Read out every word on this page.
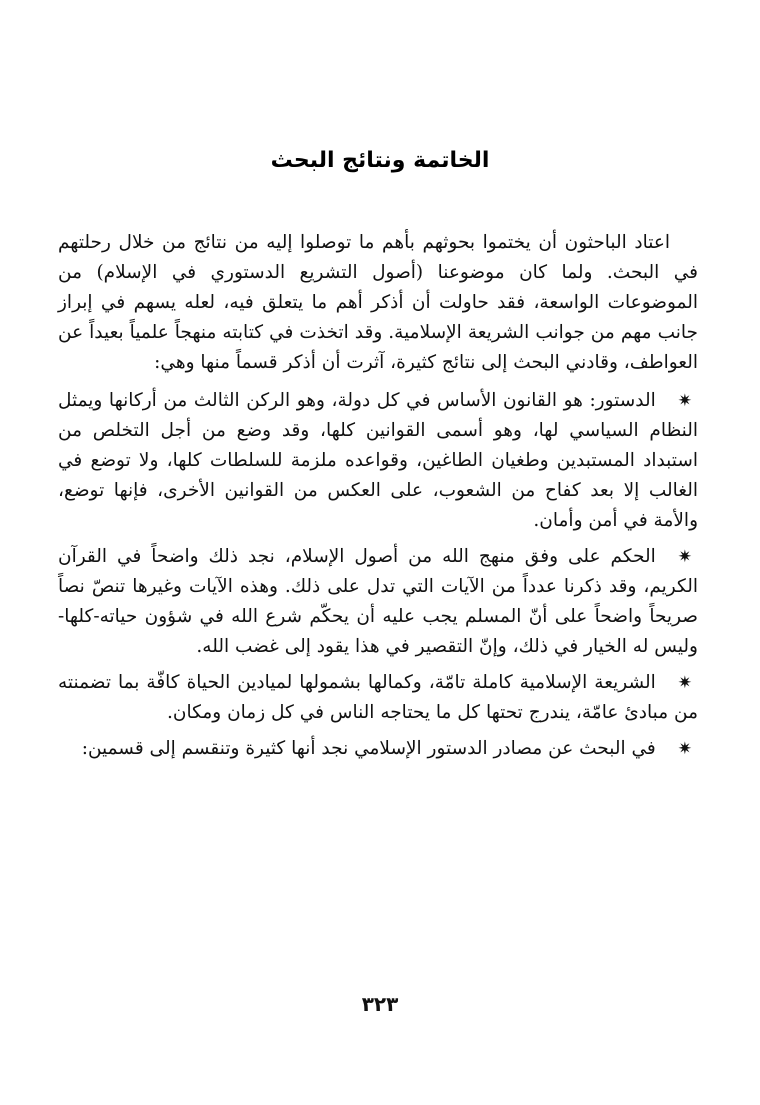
الخاتمة ونتائج البحث

اعتاد الباحثون أن يختموا بحوثهم بأهم ما توصلوا إليه من نتائج من خلال رحلتهم في البحث. ولما كان موضوعنا (أصول التشريع الدستوري في الإسلام) من الموضوعات الواسعة، فقد حاولت أن أذكر أهم ما يتعلق فيه، لعله يسهم في إبراز جانب مهم من جوانب الشريعة الإسلامية. وقد اتخذت في كتابته منهجاً علمياً بعيداً عن العواطف، وقادني البحث إلى نتائج كثيرة، آثرت أن أذكر قسماً منها وهي:

✷الدستور: هو القانون الأساس في كل دولة، وهو الركن الثالث من أركانها ويمثل النظام السياسي لها، وهو أسمى القوانين كلها، وقد وضع من أجل التخلص من استبداد المستبدين وطغيان الطاغين، وقواعده ملزمة للسلطات كلها، ولا توضع في الغالب إلا بعد كفاح من الشعوب، على العكس من القوانين الأخرى، فإنها توضع، والأمة في أمن وأمان.

✷الحكم على وفق منهج الله من أصول الإسلام، نجد ذلك واضحاً في القرآن الكريم، وقد ذكرنا عدداً من الآيات التي تدل على ذلك. وهذه الآيات وغيرها تنصّ نصاً صريحاً واضحاً على أنّ المسلم يجب عليه أن يحكّم شرع الله في شؤون حياته-كلها- وليس له الخيار في ذلك، وإنّ التقصير في هذا يقود إلى غضب الله.

✷الشريعة الإسلامية كاملة تامّة، وكمالها بشمولها لميادين الحياة كافّة بما تضمنته من مبادئ عامّة، يندرج تحتها كل ما يحتاجه الناس في كل زمان ومكان.

✷في البحث عن مصادر الدستور الإسلامي نجد أنها كثيرة وتنقسم إلى قسمين:

٣٢٣
